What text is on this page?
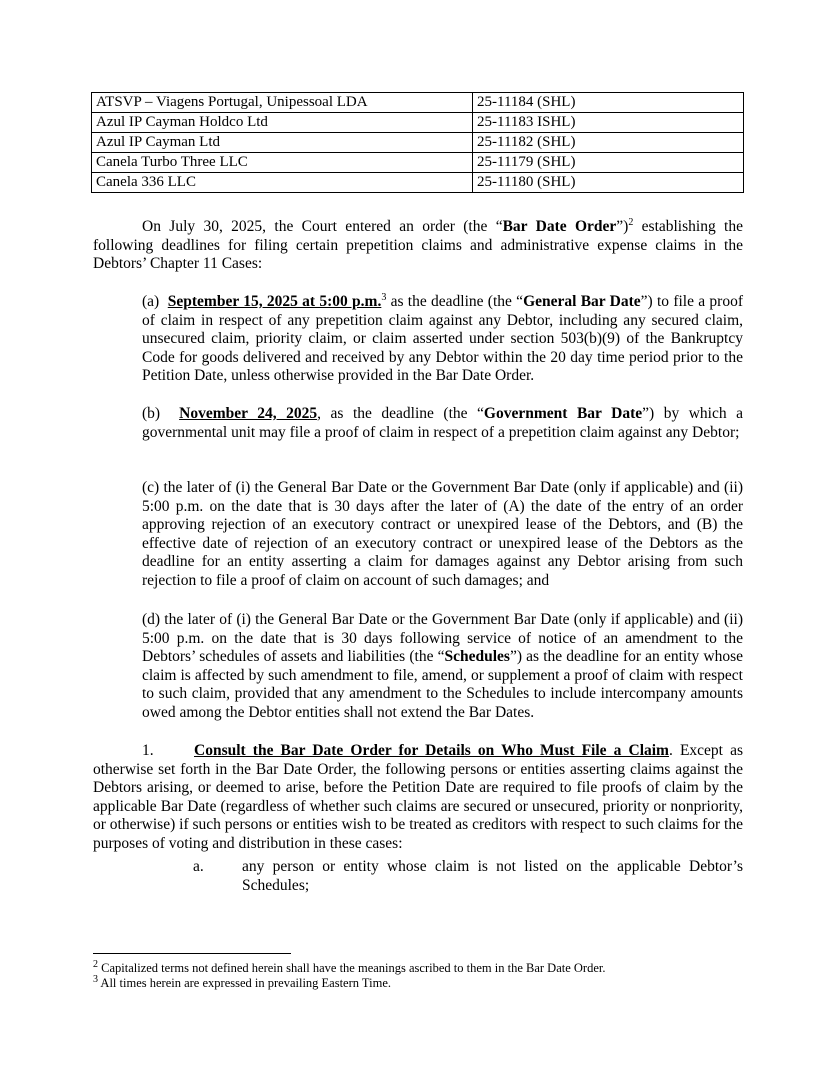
ATSVP – Viagens Portugal, Unipessoal LDA	25-11184 (SHL)
Azul IP Cayman Holdco Ltd	25-11183 ISHL)
Azul IP Cayman Ltd	25-11182 (SHL)
Canela Turbo Three LLC	25-11179 (SHL)
Canela 336 LLC	25-11180 (SHL)

On July 30, 2025, the Court entered an order (the “Bar Date Order”)$^2$ establishing the following deadlines for filing certain prepetition claims and administrative expense claims in the Debtors’ Chapter 11 Cases:

(a) September 15, 2025 at 5:00 p.m.$^3$ as the deadline (the “General Bar Date”) to file a proof of claim in respect of any prepetition claim against any Debtor, including any secured claim, unsecured claim, priority claim, or claim asserted under section 503(b)(9) of the Bankruptcy Code for goods delivered and received by any Debtor within the 20 day time period prior to the Petition Date, unless otherwise provided in the Bar Date Order.

(b) November 24, 2025, as the deadline (the “Government Bar Date”) by which a governmental unit may file a proof of claim in respect of a prepetition claim against any Debtor;

(c) the later of (i) the General Bar Date or the Government Bar Date (only if applicable) and (ii) 5:00 p.m. on the date that is 30 days after the later of (A) the date of the entry of an order approving rejection of an executory contract or unexpired lease of the Debtors, and (B) the effective date of rejection of an executory contract or unexpired lease of the Debtors as the deadline for an entity asserting a claim for damages against any Debtor arising from such rejection to file a proof of claim on account of such damages; and

(d) the later of (i) the General Bar Date or the Government Bar Date (only if applicable) and (ii) 5:00 p.m. on the date that is 30 days following service of notice of an amendment to the Debtors’ schedules of assets and liabilities (the “Schedules”) as the deadline for an entity whose claim is affected by such amendment to file, amend, or supplement a proof of claim with respect to such claim, provided that any amendment to the Schedules to include intercompany amounts owed among the Debtor entities shall not extend the Bar Dates.

1.	Consult the Bar Date Order for Details on Who Must File a Claim. Except as otherwise set forth in the Bar Date Order, the following persons or entities asserting claims against the Debtors arising, or deemed to arise, before the Petition Date are required to file proofs of claim by the applicable Bar Date (regardless of whether such claims are secured or unsecured, priority or nonpriority, or otherwise) if such persons or entities wish to be treated as creditors with respect to such claims for the purposes of voting and distribution in these cases:

a. any person or entity whose claim is not listed on the applicable Debtor’s Schedules;
$^2$ Capitalized terms not defined herein shall have the meanings ascribed to them in the Bar Date Order.
$^3$ All times herein are expressed in prevailing Eastern Time.
